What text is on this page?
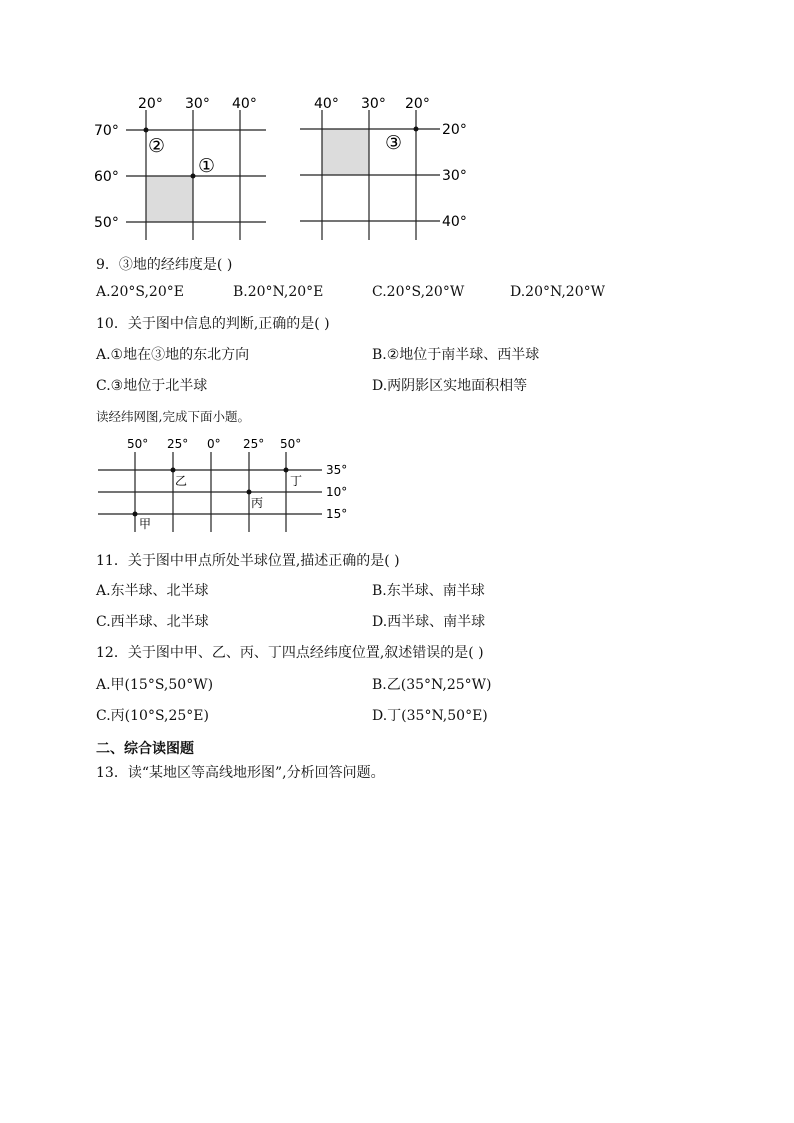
20° 30° 40°
70°
60°
50°
②
①
40° 30° 20°
20°
30°
40°
③
9．③地的经纬度是( )
A.20°S,20°E	B.20°N,20°E	C.20°S,20°W	D.20°N,20°W
10．关于图中信息的判断,正确的是( )
A.①地在③地的东北方向	B.②地位于南半球、西半球
C.③地位于北半球	D.两阴影区实地面积相等
读经纬网图,完成下面小题。
50° 25° 0° 25° 50°
35°
10°
15°
甲
乙
丙
丁
11．关于图中甲点所处半球位置,描述正确的是( )
A.东半球、北半球	B.东半球、南半球
C.西半球、北半球	D.西半球、南半球
12．关于图中甲、乙、丙、丁四点经纬度位置,叙述错误的是( )
A.甲(15°S,50°W)	B.乙(35°N,25°W)
C.丙(10°S,25°E)	D.丁(35°N,50°E)
二、综合读图题
13．读“某地区等高线地形图”,分析回答问题。
